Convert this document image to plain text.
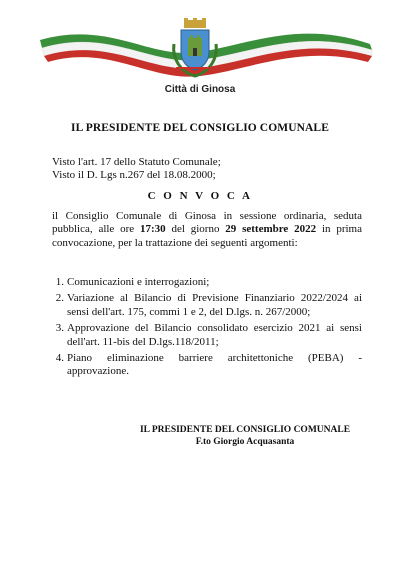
Città di Ginosa
IL PRESIDENTE DEL CONSIGLIO COMUNALE
Visto l'art. 17 dello Statuto Comunale;
Visto il D. Lgs n.267 del 18.08.2000;
C O N V O C A
il Consiglio Comunale di Ginosa in sessione ordinaria, seduta pubblica, alle ore 17:30 del giorno 29 settembre 2022 in prima convocazione, per la trattazione dei seguenti argomenti:
1. Comunicazioni e interrogazioni;
2. Variazione al Bilancio di Previsione Finanziario 2022/2024 ai sensi dell'art. 175, commi 1 e 2, del D.lgs. n. 267/2000;
3. Approvazione del Bilancio consolidato esercizio 2021 ai sensi dell'art. 11-bis del D.lgs.118/2011;
4. Piano eliminazione barriere architettoniche (PEBA) - approvazione.
IL PRESIDENTE DEL CONSIGLIO COMUNALE
F.to Giorgio Acquasanta
